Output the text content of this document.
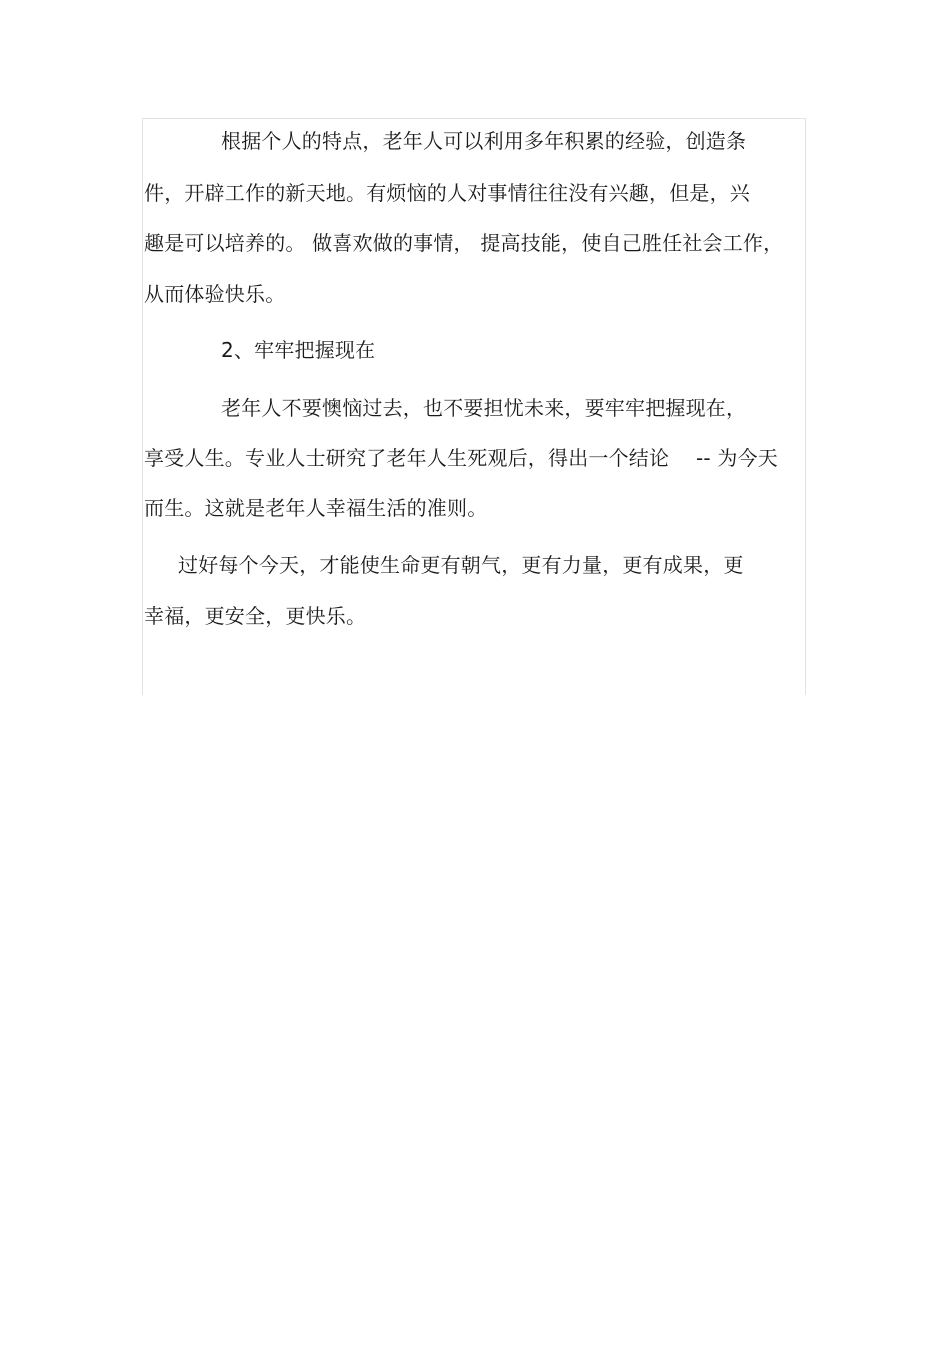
根据个人的特点，老年人可以利用多年积累的经验，创造条
件，开辟工作的新天地。有烦恼的人对事情往往没有兴趣，但是，兴
趣是可以培养的。 做喜欢做的事情， 提高技能，使自己胜任社会工作，
从而体验快乐。
2、牢牢把握现在
老年人不要懊恼过去，也不要担忧未来，要牢牢把握现在，
享受人生。专业人士研究了老年人生死观后，得出一个结论　 -- 为今天
而生。这就是老年人幸福生活的准则。
过好每个今天，才能使生命更有朝气，更有力量，更有成果，更
幸福，更安全，更快乐。
